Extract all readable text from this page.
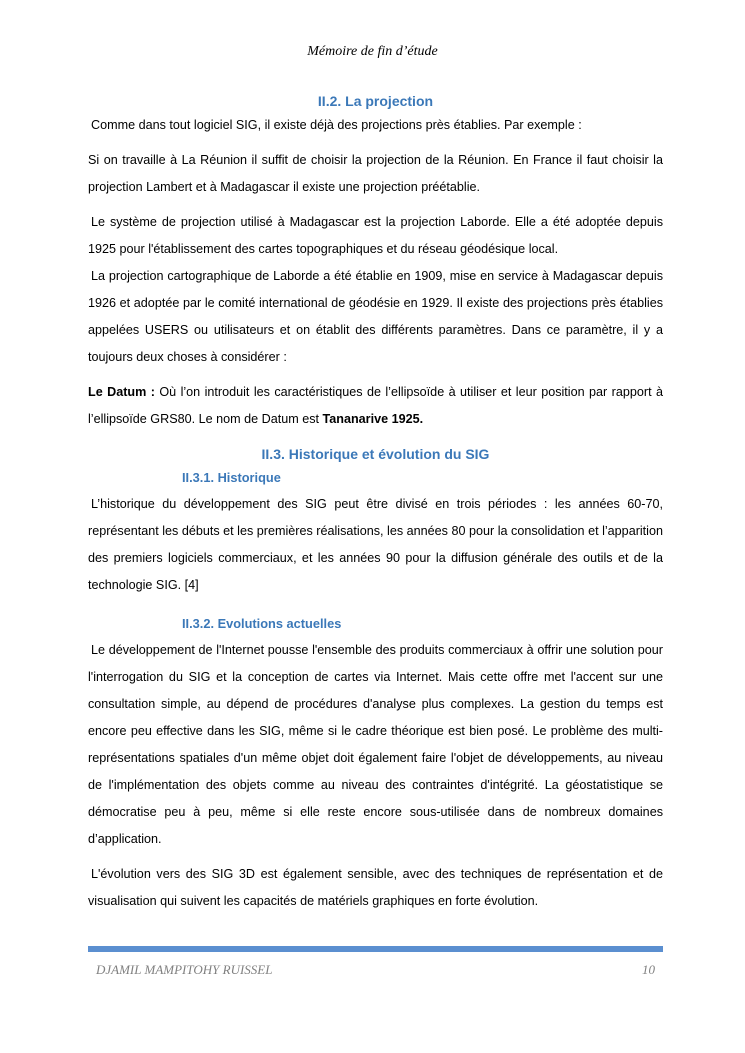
Mémoire de fin d’étude
II.2. La projection

Comme dans tout logiciel SIG, il existe déjà des projections près établies. Par exemple :

Si on travaille à La Réunion il suffit de choisir la projection de la Réunion. En France il faut choisir la projection Lambert et à Madagascar il existe une projection préétablie.

Le système de projection utilisé à Madagascar est la projection Laborde. Elle a été adoptée depuis 1925 pour l'établissement des cartes topographiques et du réseau géodésique local.

La projection cartographique de Laborde a été établie en 1909, mise en service à Madagascar depuis 1926 et adoptée par le comité international de géodésie en 1929. Il existe des projections près établies appelées USERS ou utilisateurs et on établit des différents paramètres. Dans ce paramètre, il y a toujours deux choses à considérer :

Le Datum : Où l’on introduit les caractéristiques de l’ellipsoïde à utiliser et leur position par rapport à l’ellipsoïde GRS80. Le nom de Datum est Tananarive 1925.

II.3. Historique et évolution du SIG
II.3.1. Historique

L’historique du développement des SIG peut être divisé en trois périodes : les années 60-70, représentant les débuts et les premières réalisations, les années 80 pour la consolidation et l’apparition des premiers logiciels commerciaux, et les années 90 pour la diffusion générale des outils et de la technologie SIG. [4]

II.3.2. Evolutions actuelles

Le développement de l'Internet pousse l'ensemble des produits commerciaux à offrir une solution pour l'interrogation du SIG et la conception de cartes via Internet. Mais cette offre met l'accent sur une consultation simple, au dépend de procédures d'analyse plus complexes. La gestion du temps est encore peu effective dans les SIG, même si le cadre théorique est bien posé. Le problème des multi-représentations spatiales d'un même objet doit également faire l'objet de développements, au niveau de l'implémentation des objets comme au niveau des contraintes d'intégrité. La géostatistique se démocratise peu à peu, même si elle reste encore sous-utilisée dans de nombreux domaines d’application.

L'évolution vers des SIG 3D est également sensible, avec des techniques de représentation et de visualisation qui suivent les capacités de matériels graphiques en forte évolution.

DJAMIL MAMPITOHY RUISSEL	10
